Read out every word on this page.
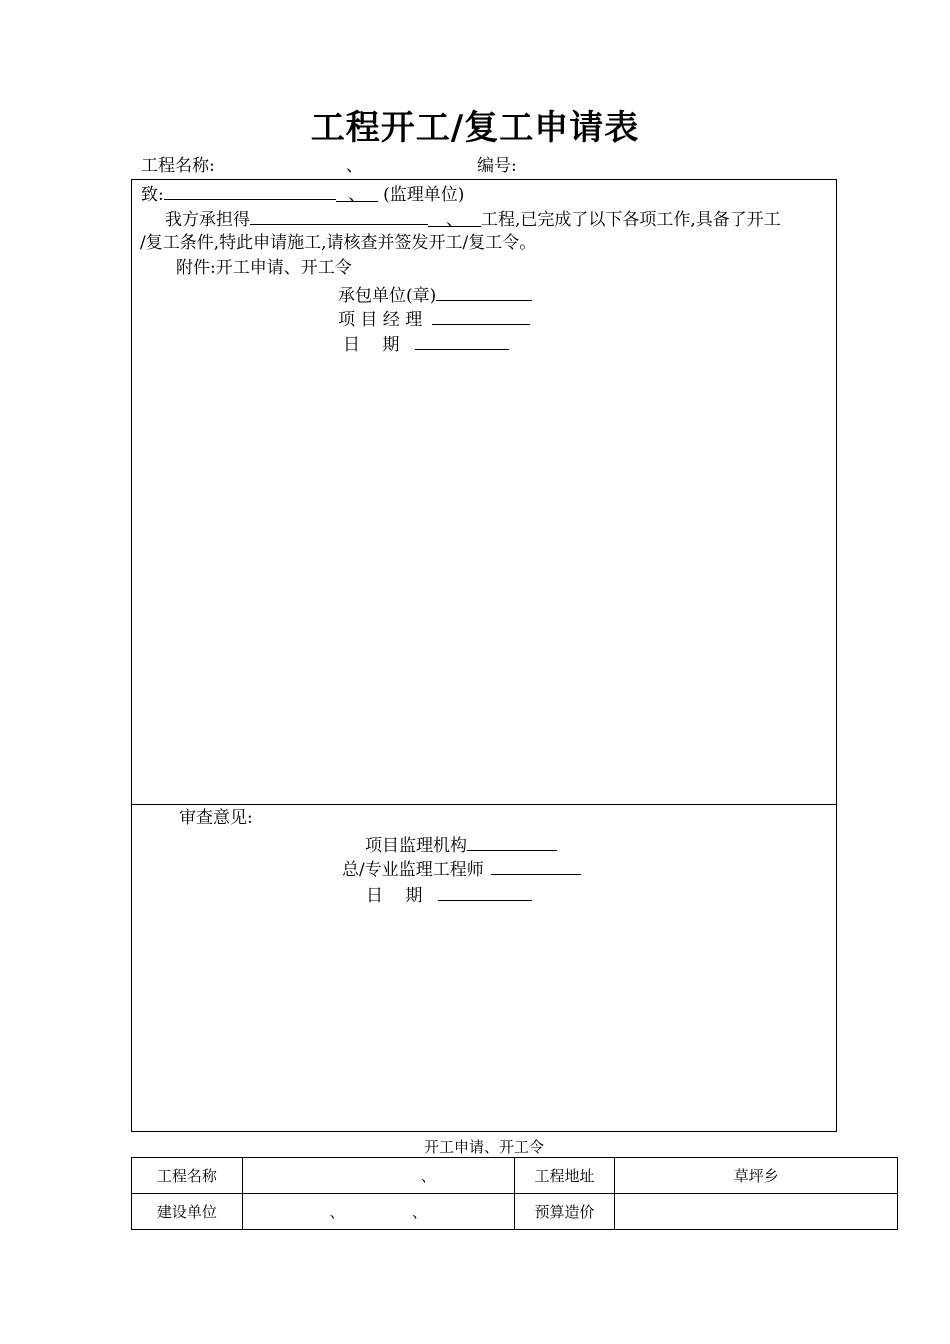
工程开工/复工申请表
工程名称:	、	编号:
致:	、 (监理单位)
我方承担得	、 工程,已完成了以下各项工作,具备了开工
/复工条件,特此申请施工,请核查并签发开工/复工令。
附件:开工申请、开工令
承包单位(章)
项 目 经 理
日　 期
审查意见:
项目监理机构
总/专业监理工程师
日　 期
开工申请、开工令
工程名称	、	工程地址	草坪乡
建设单位	、　　　　　、	预算造价	
